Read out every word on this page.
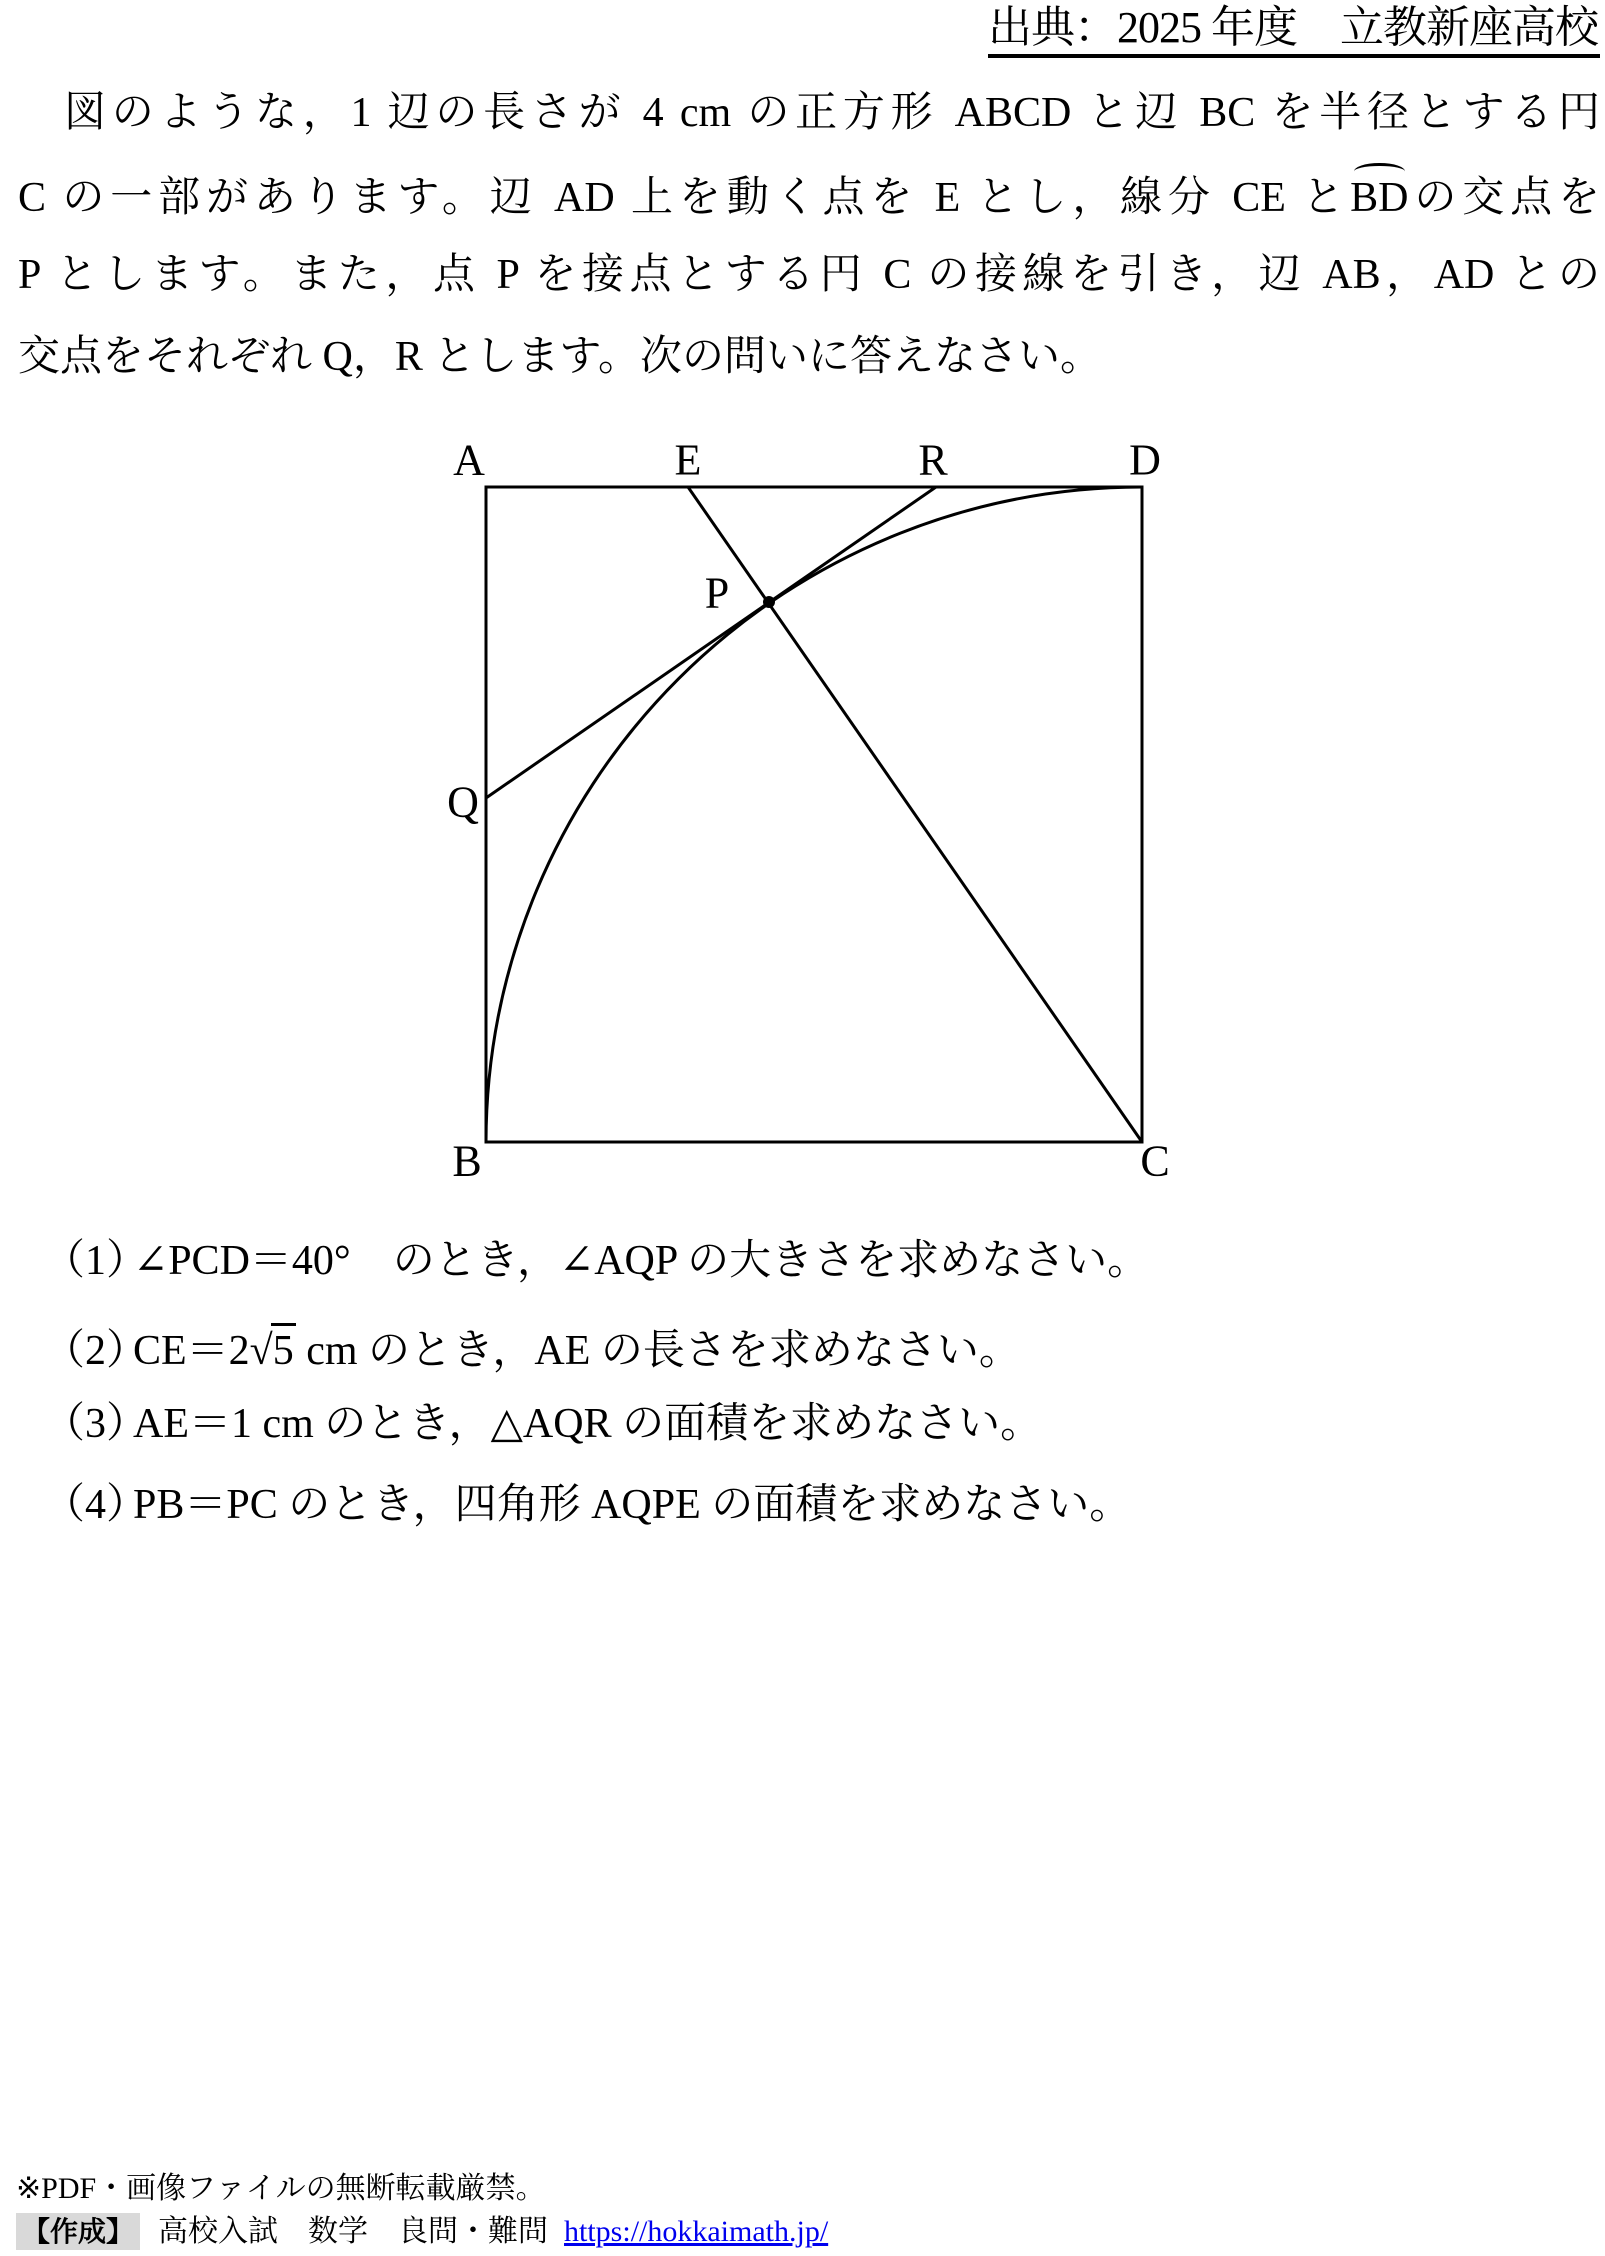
出典：2025 年度　立教新座高校
図のような，1 辺の長さが 4 cm の正方形 ABCD と辺 BC を半径とする円
C の一部があります。辺 AD 上を動く点を E とし，線分 CE とBDの交点を
P とします。また，点 P を接点とする円 C の接線を引き，辺 AB，AD との
交点をそれぞれ Q，R とします。次の問いに答えなさい。
A	E	R	D
P
Q
B	C
（1）∠PCD＝40°　のとき，∠AQP の大きさを求めなさい。
（2）CE＝2√5 cm のとき，AE の長さを求めなさい。
（3）AE＝1 cm のとき，△AQR の面積を求めなさい。
（4）PB＝PC のとき，四角形 AQPE の面積を求めなさい。
※PDF・画像ファイルの無断転載厳禁。
【作成】 高校入試　数学　良問・難問 https://hokkaimath.jp/
